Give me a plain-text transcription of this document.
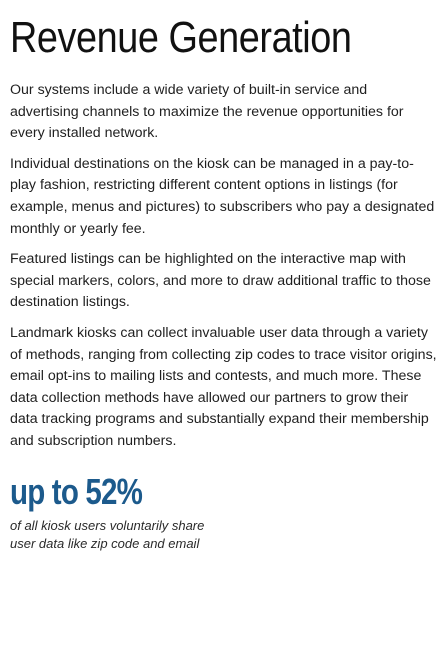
Revenue Generation

Our systems include a wide variety of built-in service and advertising channels to maximize the revenue opportunities for every installed network.

Individual destinations on the kiosk can be managed in a pay-to-play fashion, restricting different content options in listings (for example, menus and pictures) to subscribers who pay a designated monthly or yearly fee.

Featured listings can be highlighted on the interactive map with special markers, colors, and more to draw additional traffic to those destination listings.

Landmark kiosks can collect invaluable user data through a variety of methods, ranging from collecting zip codes to trace visitor origins, email opt-ins to mailing lists and contests, and much more. These data collection methods have allowed our partners to grow their data tracking programs and substantially expand their membership and subscription numbers.

up to 52%
of all kiosk users voluntarily share
user data like zip code and email
